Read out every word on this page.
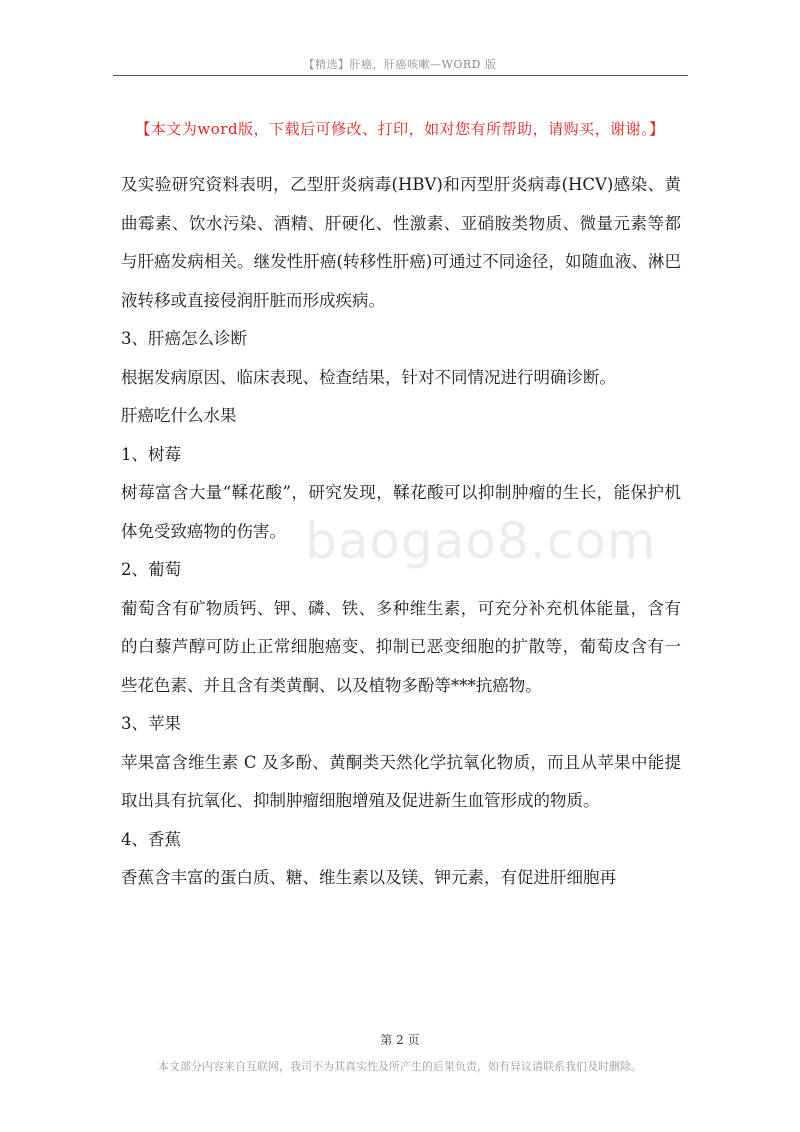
【精选】肝癌，肝癌咳嗽—WORD 版
【本文为word版，下载后可修改、打印，如对您有所帮助，请购买，谢谢。】

及实验研究资料表明，乙型肝炎病毒(HBV)和丙型肝炎病毒(HCV)感染、黄曲霉素、饮水污染、酒精、肝硬化、性激素、亚硝胺类物质、微量元素等都与肝癌发病相关。继发性肝癌(转移性肝癌)可通过不同途径，如随血液、淋巴液转移或直接侵润肝脏而形成疾病。

3、肝癌怎么诊断

根据发病原因、临床表现、检查结果，针对不同情况进行明确诊断。

肝癌吃什么水果

1、树莓

树莓富含大量“鞣花酸”，研究发现，鞣花酸可以抑制肿瘤的生长，能保护机体免受致癌物的伤害。

2、葡萄

葡萄含有矿物质钙、钾、磷、铁、多种维生素，可充分补充机体能量，含有的白藜芦醇可防止正常细胞癌变、抑制已恶变细胞的扩散等，葡萄皮含有一些花色素、并且含有类黄酮、以及植物多酚等***抗癌物。

3、苹果

苹果富含维生素 C 及多酚、黄酮类天然化学抗氧化物质，而且从苹果中能提取出具有抗氧化、抑制肿瘤细胞增殖及促进新生血管形成的物质。

4、香蕉

香蕉含丰富的蛋白质、糖、维生素以及镁、钾元素，有促进肝细胞再

baogao8.com
第 2 页
本文部分内容来自互联网，我司不为其真实性及所产生的后果负责，如有异议请联系我们及时删除。
